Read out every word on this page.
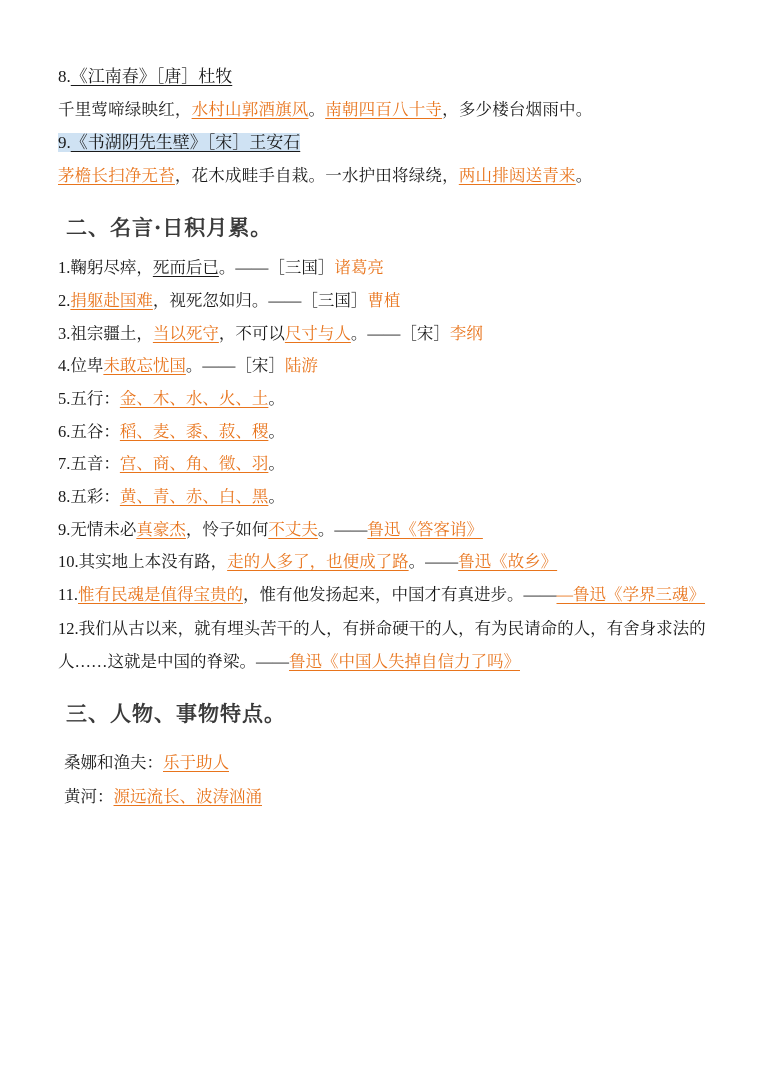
8.《江南春》［唐］杜牧
千里莺啼绿映红，水村山郭酒旗风。南朝四百八十寺，多少楼台烟雨中。
9.《书湖阴先生壁》［宋］王安石
茅檐长扫净无苔，花木成畦手自栽。一水护田将绿绕，两山排闼送青来。
二、名言·日积月累。
1.鞠躬尽瘁，死而后已。——［三国］诸葛亮
2.捐躯赴国难，视死忽如归。——［三国］曹植
3.祖宗疆土，当以死守，不可以尺寸与人。——［宋］李纲
4.位卑未敢忘忧国。——［宋］陆游
5.五行：金、木、水、火、土。
6.五谷：稻、麦、黍、菽、稷。
7.五音：宫、商、角、徵、羽。
8.五彩：黄、青、赤、白、黑。
9.无情未必真豪杰，怜子如何不丈夫。——鲁迅《答客诮》
10.其实地上本没有路，走的人多了，也便成了路。——鲁迅《故乡》
11.惟有民魂是值得宝贵的，惟有他发扬起来，中国才有真进步。———鲁迅《学界三魂》
12.我们从古以来，就有埋头苦干的人，有拼命硬干的人，有为民请命的人，有舍身求法的人……这就是中国的脊梁。——鲁迅《中国人失掉自信力了吗》
三、人物、事物特点。
桑娜和渔夫：乐于助人
黄河：源远流长、波涛汹涌
